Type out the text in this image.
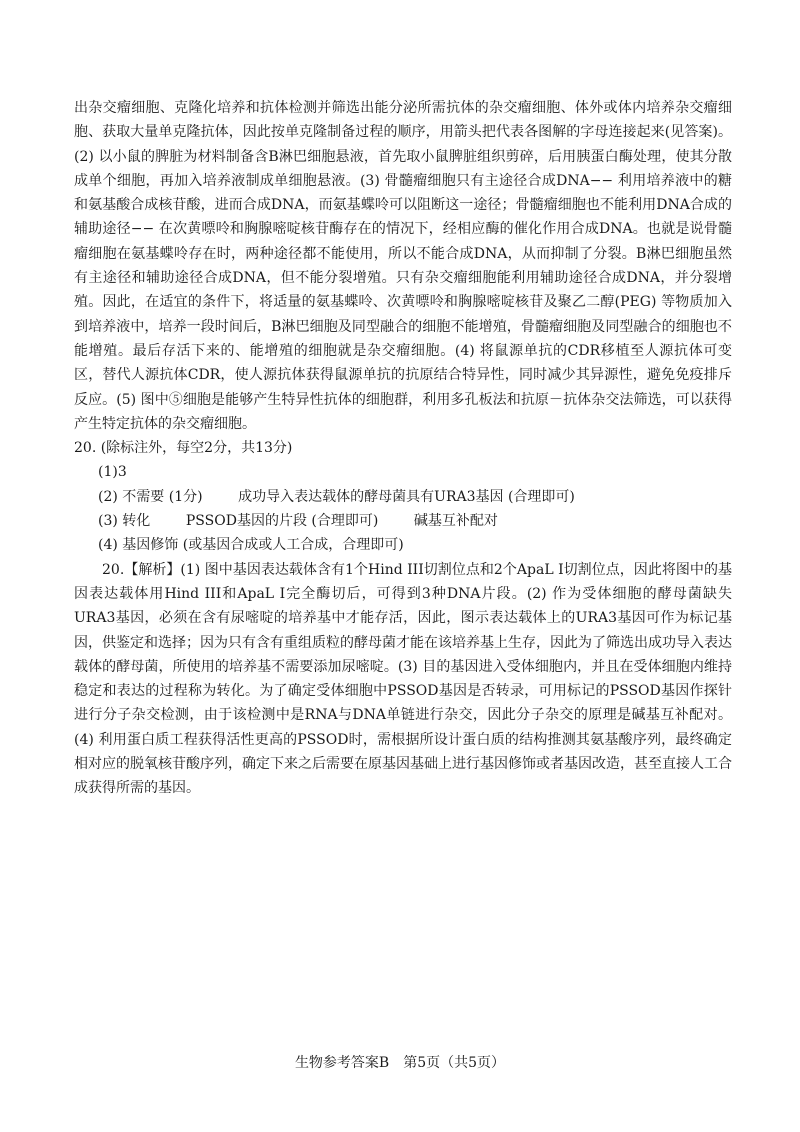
出杂交瘤细胞、克隆化培养和抗体检测并筛选出能分泌所需抗体的杂交瘤细胞、体外或体内培养杂交瘤细胞、获取大量单克隆抗体，因此按单克隆制备过程的顺序，用箭头把代表各图解的字母连接起来(见答案)。(2) 以小鼠的脾脏为材料制备含B淋巴细胞悬液，首先取小鼠脾脏组织剪碎，后用胰蛋白酶处理，使其分散成单个细胞，再加入培养液制成单细胞悬液。(3) 骨髓瘤细胞只有主途径合成DNA−− 利用培养液中的糖和氨基酸合成核苷酸，进而合成DNA，而氨基蝶呤可以阻断这一途径；骨髓瘤细胞也不能利用DNA合成的辅助途径−− 在次黄嘌呤和胸腺嘧啶核苷酶存在的情况下，经相应酶的催化作用合成DNA。也就是说骨髓瘤细胞在氨基蝶呤存在时，两种途径都不能使用，所以不能合成DNA，从而抑制了分裂。B淋巴细胞虽然有主途径和辅助途径合成DNA，但不能分裂增殖。只有杂交瘤细胞能利用辅助途径合成DNA，并分裂增殖。因此，在适宜的条件下，将适量的氨基蝶呤、次黄嘌呤和胸腺嘧啶核苷及聚乙二醇(PEG) 等物质加入到培养液中，培养一段时间后，B淋巴细胞及同型融合的细胞不能增殖，骨髓瘤细胞及同型融合的细胞也不能增殖。最后存活下来的、能增殖的细胞就是杂交瘤细胞。(4) 将鼠源单抗的CDR移植至人源抗体可变区，替代人源抗体CDR，使人源抗体获得鼠源单抗的抗原结合特异性，同时减少其异源性，避免免疫排斥反应。(5) 图中⑤细胞是能够产生特异性抗体的细胞群，利用多孔板法和抗原－抗体杂交法筛选，可以获得产生特定抗体的杂交瘤细胞。

20. (除标注外，每空2分，共13分)

(1)3

(2) 不需要 (1分)        成功导入表达载体的酵母菌具有URA3基因 (合理即可)

(3) 转化        PSSOD基因的片段 (合理即可)        碱基互补配对

(4) 基因修饰 (或基因合成或人工合成，合理即可)

20.【解析】(1) 图中基因表达载体含有1个Hind III切割位点和2个ApaL I切割位点，因此将图中的基因表达载体用Hind III和ApaL I完全酶切后，可得到3种DNA片段。(2) 作为受体细胞的酵母菌缺失URA3基因，必须在含有尿嘧啶的培养基中才能存活，因此，图示表达载体上的URA3基因可作为标记基因，供鉴定和选择；因为只有含有重组质粒的酵母菌才能在该培养基上生存，因此为了筛选出成功导入表达载体的酵母菌，所使用的培养基不需要添加尿嘧啶。(3) 目的基因进入受体细胞内，并且在受体细胞内维持稳定和表达的过程称为转化。为了确定受体细胞中PSSOD基因是否转录，可用标记的PSSOD基因作探针进行分子杂交检测，由于该检测中是RNA与DNA单链进行杂交，因此分子杂交的原理是碱基互补配对。(4) 利用蛋白质工程获得活性更高的PSSOD时，需根据所设计蛋白质的结构推测其氨基酸序列，最终确定相对应的脱氧核苷酸序列，确定下来之后需要在原基因基础上进行基因修饰或者基因改造，甚至直接人工合成获得所需的基因。

生物参考答案B　第5页（共5页）
